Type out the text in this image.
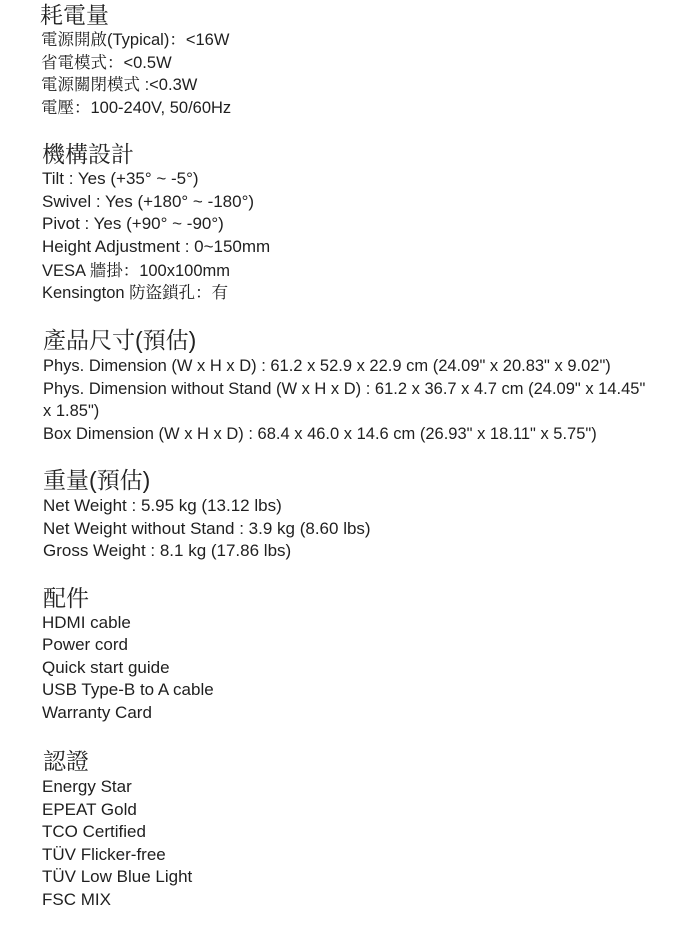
耗電量
電源開啟(Typical)：<16W
省電模式：<0.5W
電源關閉模式 :<0.3W
電壓：100-240V, 50/60Hz
機構設計
Tilt : Yes (+35° ~ -5°)
Swivel : Yes (+180° ~ -180°)
Pivot : Yes (+90° ~ -90°)
Height Adjustment : 0~150mm
VESA 牆掛：100x100mm
Kensington 防盜鎖孔：有
產品尺寸(預估)
Phys. Dimension (W x H x D) : 61.2 x 52.9 x 22.9 cm (24.09" x 20.83" x 9.02")
Phys. Dimension without Stand (W x H x D) : 61.2 x 36.7 x 4.7 cm (24.09" x 14.45" x 1.85")
Box Dimension (W x H x D) : 68.4 x 46.0 x 14.6 cm (26.93" x 18.11" x 5.75")
重量(預估)
Net Weight : 5.95 kg (13.12 lbs)
Net Weight without Stand : 3.9 kg (8.60 lbs)
Gross Weight : 8.1 kg (17.86 lbs)
配件
HDMI cable
Power cord
Quick start guide
USB Type-B to A cable
Warranty Card
認證
Energy Star
EPEAT Gold
TCO Certified
TÜV Flicker-free
TÜV Low Blue Light
FSC MIX
